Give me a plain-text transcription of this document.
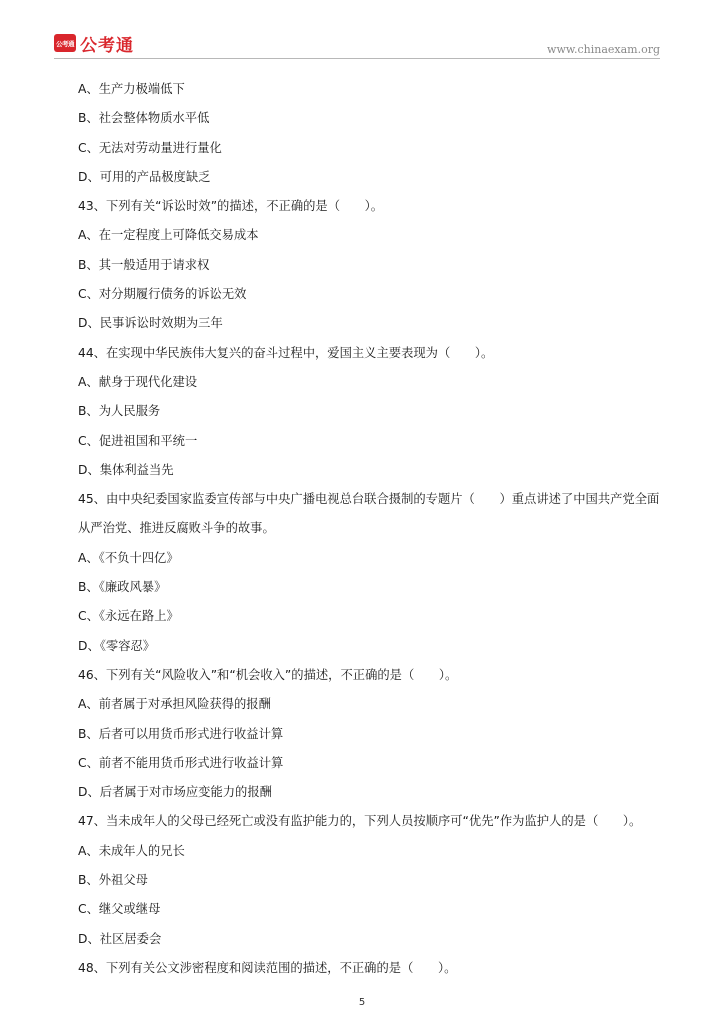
公考通 公考通	www.chinaexam.org
A、生产力极端低下
B、社会整体物质水平低
C、无法对劳动量进行量化
D、可用的产品极度缺乏
43、下列有关“诉讼时效”的描述，不正确的是（　　）。
A、在一定程度上可降低交易成本
B、其一般适用于请求权
C、对分期履行债务的诉讼无效
D、民事诉讼时效期为三年
44、在实现中华民族伟大复兴的奋斗过程中，爱国主义主要表现为（　　）。
A、献身于现代化建设
B、为人民服务
C、促进祖国和平统一
D、集体利益当先
45、由中央纪委国家监委宣传部与中央广播电视总台联合摄制的专题片（　　）重点讲述了中国共产党全面从严治党、推进反腐败斗争的故事。
A、《不负十四亿》
B、《廉政风暴》
C、《永远在路上》
D、《零容忍》
46、下列有关“风险收入”和“机会收入”的描述，不正确的是（　　）。
A、前者属于对承担风险获得的报酬
B、后者可以用货币形式进行收益计算
C、前者不能用货币形式进行收益计算
D、后者属于对市场应变能力的报酬
47、当未成年人的父母已经死亡或没有监护能力的，下列人员按顺序可“优先”作为监护人的是（　　）。
A、未成年人的兄长
B、外祖父母
C、继父或继母
D、社区居委会
48、下列有关公文涉密程度和阅读范围的描述，不正确的是（　　）。
5
